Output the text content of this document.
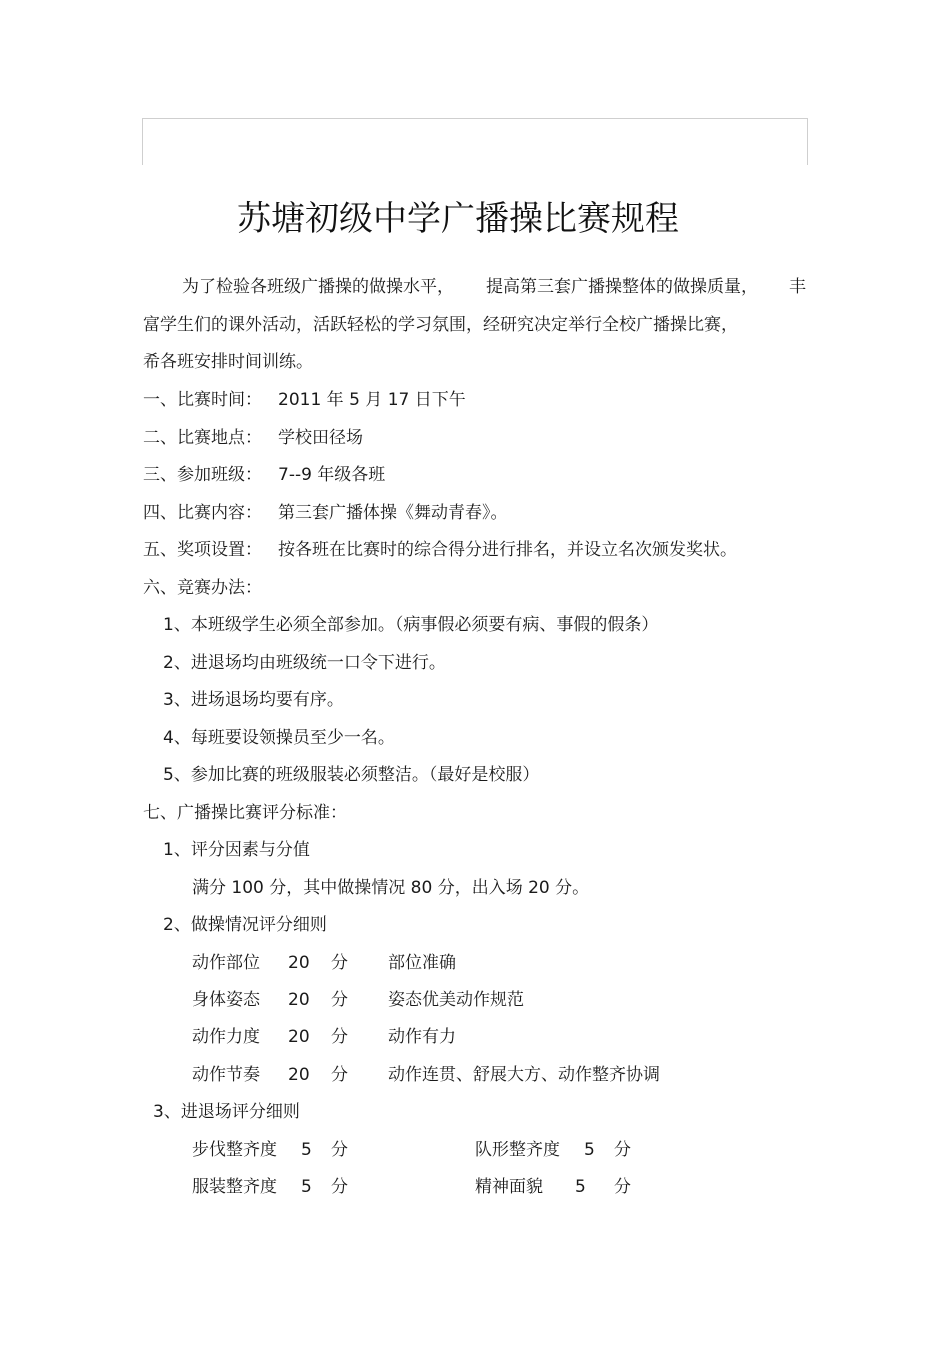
苏塘初级中学广播操比赛规程
为了检验各班级广播操的做操水平， 提高第三套广播操整体的做操质量， 丰
富学生们的课外活动，活跃轻松的学习氛围，经研究决定举行全校广播操比赛，
希各班安排时间训练。
一、比赛时间： 2011 年 5 月 17 日下午
二、比赛地点： 学校田径场
三、参加班级： 7--9 年级各班
四、比赛内容： 第三套广播体操《舞动青春》。
五、奖项设置： 按各班在比赛时的综合得分进行排名，并设立名次颁发奖状。
六、竞赛办法：
1、本班级学生必须全部参加。（病事假必须要有病、事假的假条）
2、进退场均由班级统一口令下进行。
3、进场退场均要有序。
4、每班要设领操员至少一名。
5、参加比赛的班级服装必须整洁。（最好是校服）
七、广播操比赛评分标准：
1、评分因素与分值
满分 100 分，其中做操情况 80 分，出入场 20 分。
2、做操情况评分细则
动作部位 20 分 部位准确
身体姿态 20 分 姿态优美动作规范
动作力度 20 分 动作有力
动作节奏 20 分 动作连贯、舒展大方、动作整齐协调
3、进退场评分细则
步伐整齐度 5 分	队形整齐度 5 分
服装整齐度 5 分	精神面貌 5 分
